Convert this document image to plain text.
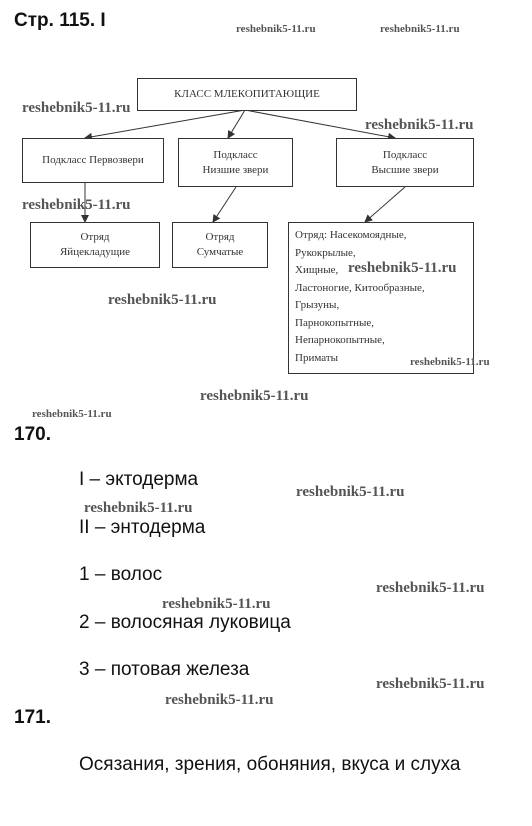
Стр. 115. I
КЛАСС МЛЕКОПИТАЮЩИЕ
Подкласс Первозвери	Подкласс
Низшие звери
Подкласс
Высшие звери
Отряд
Яйцекладущие
Отряд
Сумчатые
Отряд: Насекомоядные,
Рукокрылые,
Хищные,
Ластоногие, Китообразные,
Грызуны,
Парнокопытные,
Непарнокопытные,
Приматы
170.
I – эктодерма
II – энтодерма
1 – волос
2 – волосяная луковица
3 – потовая железа
171.
Осязания, зрения, обоняния, вкуса и слуха
reshebnik5-11.ru	reshebnik5-11.ru
reshebnik5-11.ru
reshebnik5-11.ru
reshebnik5-11.ru
reshebnik5-11.ru
reshebnik5-11.ru
reshebnik5-11.ru
reshebnik5-11.ru
reshebnik5-11.ru
reshebnik5-11.ru
reshebnik5-11.ru
reshebnik5-11.ru
reshebnik5-11.ru
reshebnik5-11.ru
reshebnik5-11.ru
